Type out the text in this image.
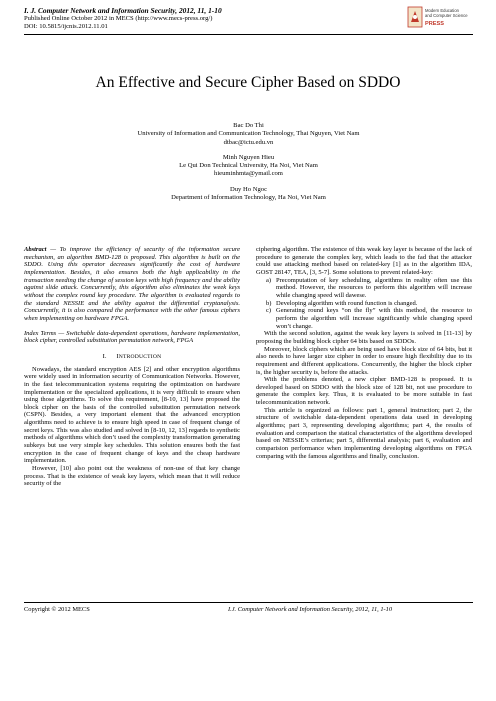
I. J. Computer Network and Information Security, 2012, 11, 1-10
Published Online October 2012 in MECS (http://www.mecs-press.org/)
DOI: 10.5815/ijcnis.2012.11.01
Modern Education
and Computer Science
PRESS
An Effective and Secure Cipher Based on SDDO
Bac Do Thi
University of Information and Communication Technology, Thai Nguyen, Viet Nam
dtbac@ictu.edu.vn
Minh Nguyen Hieu
Le Qui Don Technical University, Ha Noi, Viet Nam
hieuminhmta@ymail.com
Duy Ho Ngoc
Department of Information Technology, Ha Noi, Viet Nam

Abstract — To improve the efficiency of security of the information secure mechanism, an algorithm BMD-128 is proposed. This algorithm is built on the SDDO. Using this operator decreases significantly the cost of hardware implementation. Besides, it also ensures both the high applicability in the transaction needing the change of session keys with high frequency and the ability against slide attack. Concurrently, this algorithm also eliminates the week keys without the complex round key procedure. The algorithm is evaluated regards to the standard NESSIE and the ability against the differential cryptanalysis. Concurrently, it is also compared the performance with the other famous ciphers when implementing on hardware FPGA.

Index Terms — Switchable data-dependent operations, hardware implementation, block cipher, controlled substitution permutation network, FPGA

I. INTRODUCTION

Nowadays, the standard encryption AES [2] and other encryption algorithms were widely used in information security of Communication Networks. However, in the fast telecommunication systems requiring the optimization on hardware implementation or the specialized applications, it is very difficult to ensure when using those algorithms. To solve this requirement, [8-10, 13] have proposed the block cipher on the basis of the controlled substitution permutation network (CSPN). Besides, a very important element that the advanced encryption algorithms need to achieve is to ensure high speed in case of frequent change of secret keys. This was also studied and solved in [8-10, 12, 13] regards to synthetic methods of algorithms which don’t used the complexity transformation generating subkeys but use very simple key schedules. This solution ensures both the fast encryption in the case of frequent change of keys and the cheap hardware implementation.

However, [10] also point out the weakness of non-use of that key change process. That is the existence of weak key layers, which mean that it will reduce security of the

ciphering algorithm. The existence of this weak key layer is because of the lack of procedure to generate the complex key, which leads to the fad that the attacker could use attacking method based on related-key [1] as in the algorithm IDA, GOST 28147, TEA, [3, 5-7]. Some solutions to prevent related-key:

a) Precomputation of key scheduling, algorithms in reality often use this method. However, the resources to perform this algorithm will increase while changing speed will dawese.
b) Developing algorithm with round function is changed.
c) Generating round keys “on the fly” with this method, the resource to perform the algorithm will increase significantly while changing speed won’t change.

With the second solution, against the weak key layers is solved in [11-13] by proposing the building block cipher 64 bits based on SDDOs.

Moreover, block ciphers which are being used have block size of 64 bits, but it also needs to have larger size cipher in order to ensure high flexibility due to its requirement and different applications. Concurrently, the higher the block cipher is, the higher security is, before the attacks.

With the problems denoted, a new cipher BMD-128 is proposed. It is developed based on SDDO with the block size of 128 bit, not use procedure to generate the complex key. Thus, it is evaluated to be more suitable in fast telecommunication network.

This article is organized as follows: part 1, general instruction; part 2, the structure of switchable data-dependent operations data used in developing algorithms; part 3, representing developing algorithms; part 4, the results of evaluation and comparison the statical characteristics of the algorithms developed based on NESSIE’s criterias; part 5, differential analysis; part 6, evaluation and comparision performance when implementing developing algorithms on FPGA comparing with the famous algorithms and finally, conclusion.

Copyright © 2012 MECS	I.J. Computer Network and Information Security, 2012, 11, 1-10
